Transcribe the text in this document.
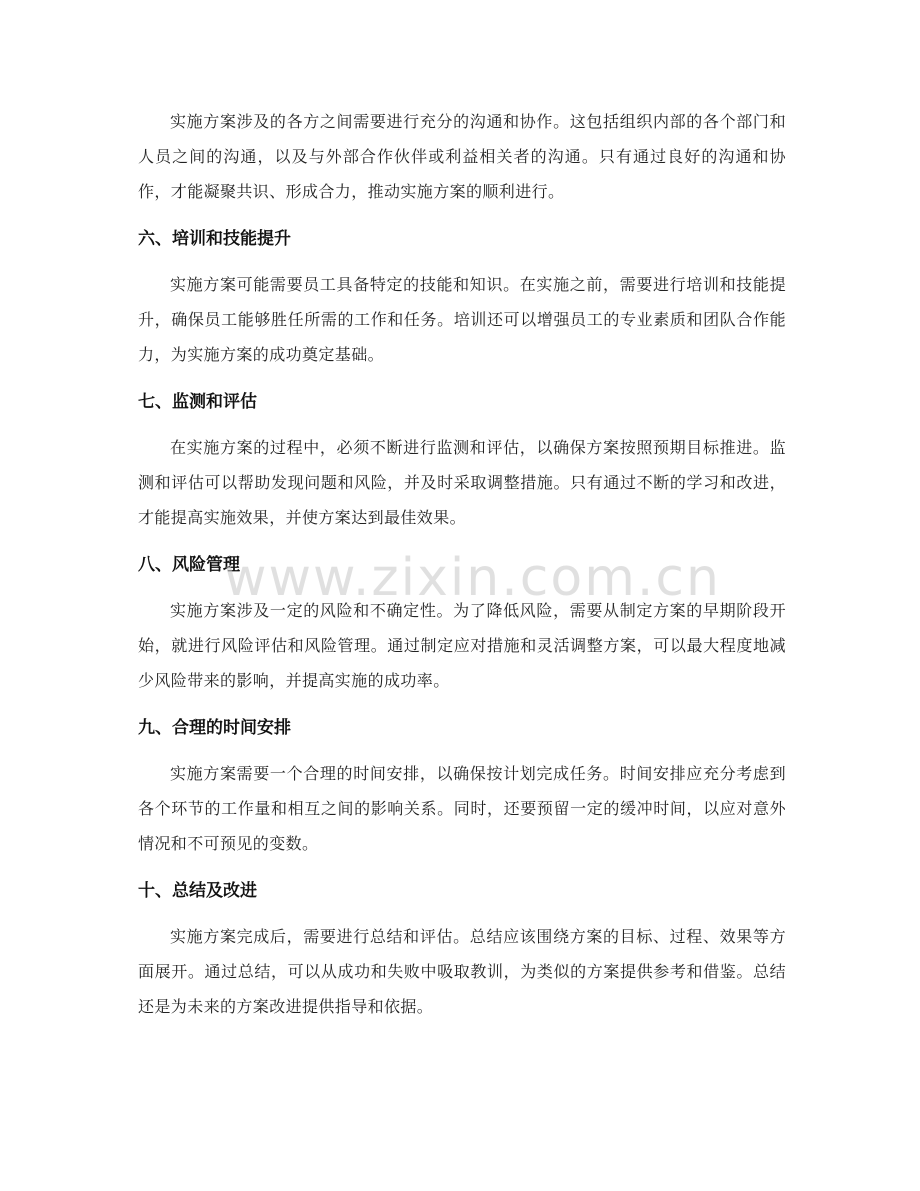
实施方案涉及的各方之间需要进行充分的沟通和协作。这包括组织内部的各个部门和人员之间的沟通，以及与外部合作伙伴或利益相关者的沟通。只有通过良好的沟通和协作，才能凝聚共识、形成合力，推动实施方案的顺利进行。

六、培训和技能提升

实施方案可能需要员工具备特定的技能和知识。在实施之前，需要进行培训和技能提升，确保员工能够胜任所需的工作和任务。培训还可以增强员工的专业素质和团队合作能力，为实施方案的成功奠定基础。

七、监测和评估

在实施方案的过程中，必须不断进行监测和评估，以确保方案按照预期目标推进。监测和评估可以帮助发现问题和风险，并及时采取调整措施。只有通过不断的学习和改进，才能提高实施效果，并使方案达到最佳效果。

八、风险管理

实施方案涉及一定的风险和不确定性。为了降低风险，需要从制定方案的早期阶段开始，就进行风险评估和风险管理。通过制定应对措施和灵活调整方案，可以最大程度地减少风险带来的影响，并提高实施的成功率。

九、合理的时间安排

实施方案需要一个合理的时间安排，以确保按计划完成任务。时间安排应充分考虑到各个环节的工作量和相互之间的影响关系。同时，还要预留一定的缓冲时间，以应对意外情况和不可预见的变数。

十、总结及改进

实施方案完成后，需要进行总结和评估。总结应该围绕方案的目标、过程、效果等方面展开。通过总结，可以从成功和失败中吸取教训，为类似的方案提供参考和借鉴。总结还是为未来的方案改进提供指导和依据。

www.zixin.com.cn
